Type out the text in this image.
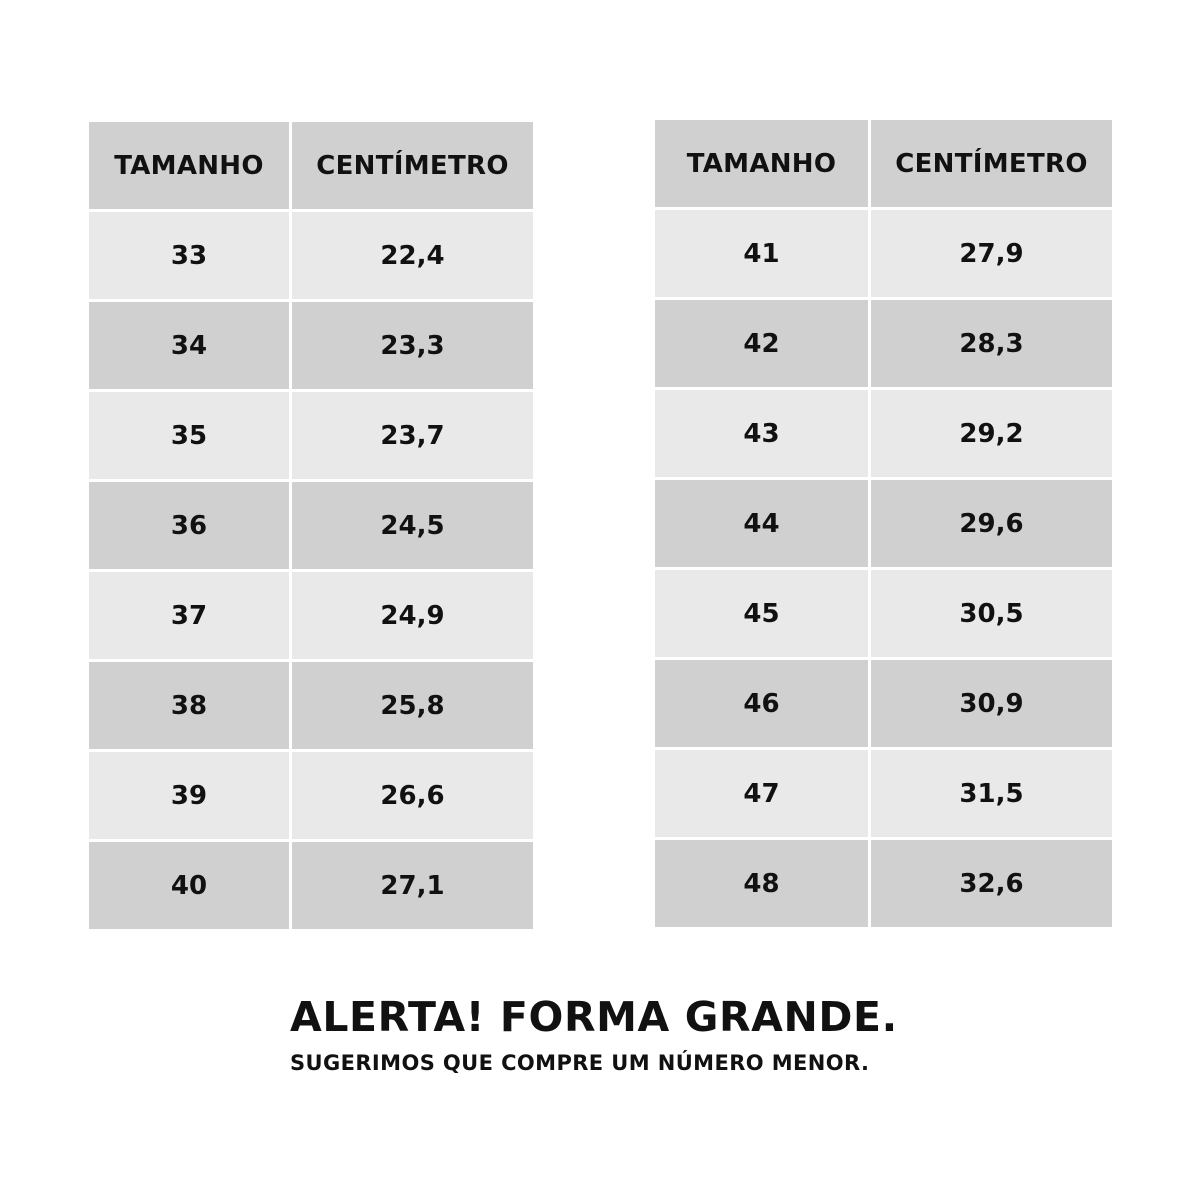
TAMANHO	CENTÍMETRO
33	22,4
34	23,3
35	23,7
36	24,5
37	24,9
38	25,8
39	26,6
40	27,1
TAMANHO	CENTÍMETRO
41	27,9
42	28,3
43	29,2
44	29,6
45	30,5
46	30,9
47	31,5
48	32,6

ALERTA! FORMA GRANDE.

SUGERIMOS QUE COMPRE UM NÚMERO MENOR.
